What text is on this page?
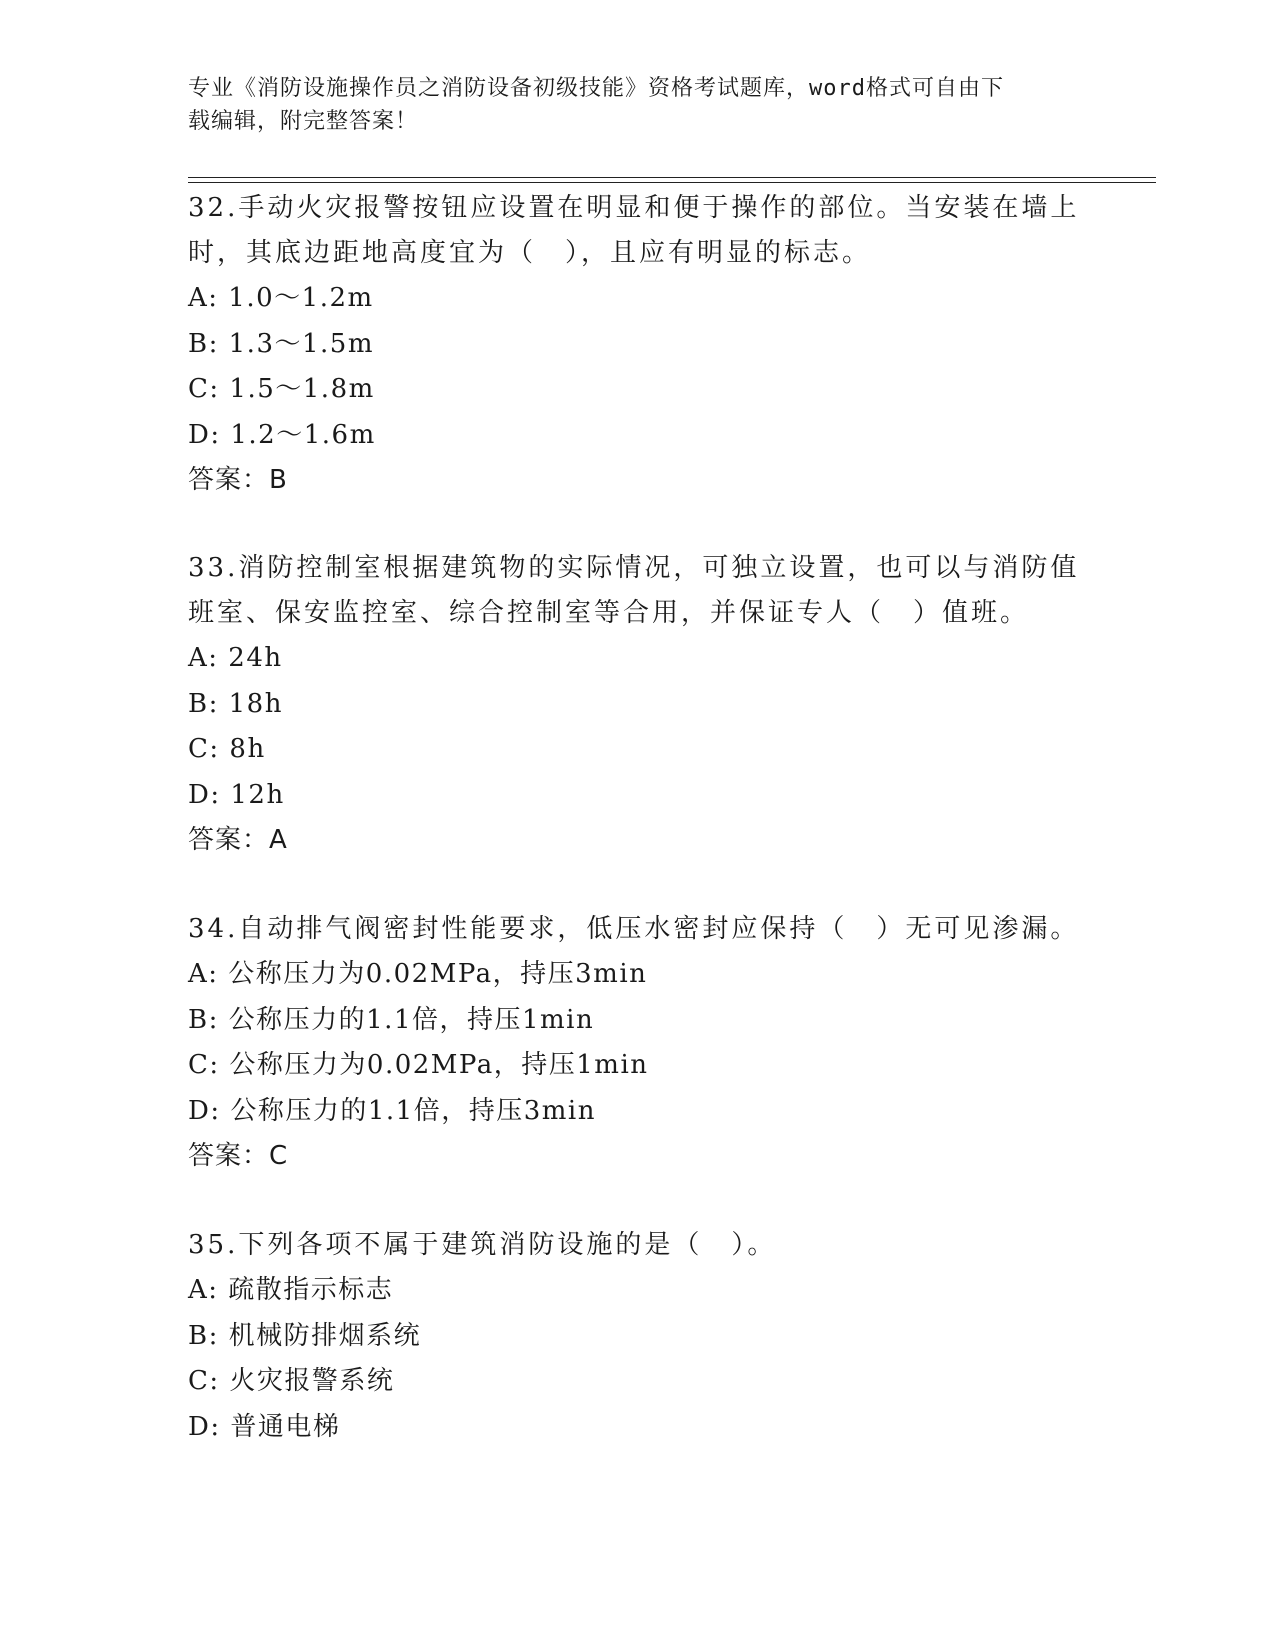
专业《消防设施操作员之消防设备初级技能》资格考试题库，word格式可自由下
载编辑，附完整答案！

32.手动火灾报警按钮应设置在明显和便于操作的部位。当安装在墙上

时，其底边距地高度宜为（　），且应有明显的标志。

A: 1.0～1.2m

B: 1.3～1.5m

C: 1.5～1.8m

D: 1.2～1.6m

答案：B

33.消防控制室根据建筑物的实际情况，可独立设置，也可以与消防值

班室、保安监控室、综合控制室等合用，并保证专人（　）值班。

A: 24h

B: 18h

C: 8h

D: 12h

答案：A

34.自动排气阀密封性能要求，低压水密封应保持（　）无可见渗漏。

A: 公称压力为0.02MPa，持压3min

B: 公称压力的1.1倍，持压1min

C: 公称压力为0.02MPa，持压1min

D: 公称压力的1.1倍，持压3min

答案：C

35.下列各项不属于建筑消防设施的是（　）。

A: 疏散指示标志

B: 机械防排烟系统

C: 火灾报警系统

D: 普通电梯
